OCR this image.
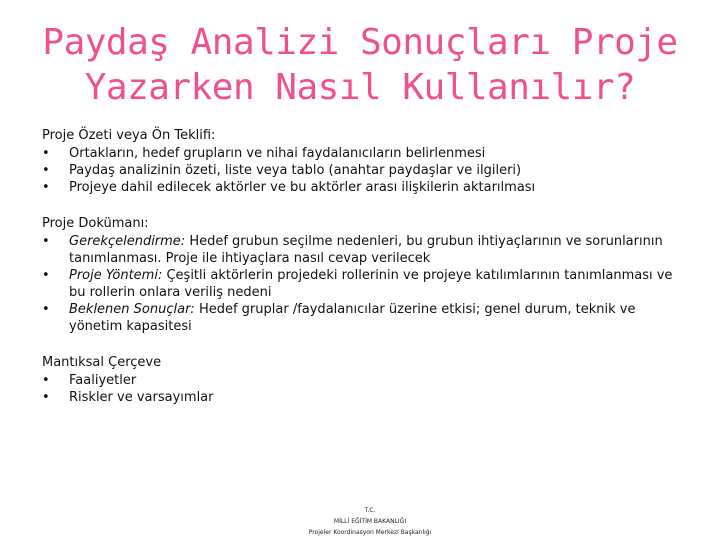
Paydaş Analizi Sonuçları Proje
Yazarken Nasıl Kullanılır?
Proje Özeti veya Ön Teklifi:
•	Ortakların, hedef grupların ve nihai faydalanıcıların belirlenmesi
•	Paydaş analizinin özeti, liste veya tablo (anahtar paydaşlar ve ilgileri)
•	Projeye dahil edilecek aktörler ve bu aktörler arası ilişkilerin aktarılması
Proje Dokümanı:
•	Gerekçelendirme: Hedef grubun seçilme nedenleri, bu grubun ihtiyaçlarının ve sorunlarının tanımlanması. Proje ile ihtiyaçlara nasıl cevap verilecek
•	Proje Yöntemi: Çeşitli aktörlerin projedeki rollerinin ve projeye katılımlarının tanımlanması ve bu rollerin onlara veriliş nedeni
•	Beklenen Sonuçlar: Hedef gruplar /faydalanıcılar üzerine etkisi; genel durum, teknik ve yönetim kapasitesi
Mantıksal Çerçeve
•	Faaliyetler
•	Riskler ve varsayımlar
T.C.
MİLLİ EĞİTİM BAKANLIĞI
Projeler Koordinasyon Merkezi Başkanlığı
